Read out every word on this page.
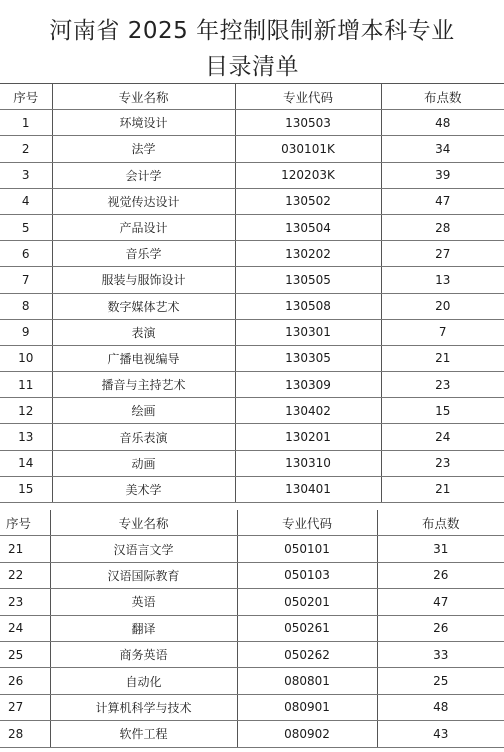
河南省 2025 年控制限制新增本科专业
目录清单
序号	专业名称	专业代码	布点数
1	环境设计	130503	48
2	法学	030101K	34
3	会计学	120203K	39
4	视觉传达设计	130502	47
5	产品设计	130504	28
6	音乐学	130202	27
7	服装与服饰设计	130505	13
8	数字媒体艺术	130508	20
9	表演	130301	7
10	广播电视编导	130305	21
11	播音与主持艺术	130309	23
12	绘画	130402	15
13	音乐表演	130201	24
14	动画	130310	23
15	美术学	130401	21
序号	专业名称	专业代码	布点数
21	汉语言文学	050101	31
22	汉语国际教育	050103	26
23	英语	050201	47
24	翻译	050261	26
25	商务英语	050262	33
26	自动化	080801	25
27	计算机科学与技术	080901	48
28	软件工程	080902	43
